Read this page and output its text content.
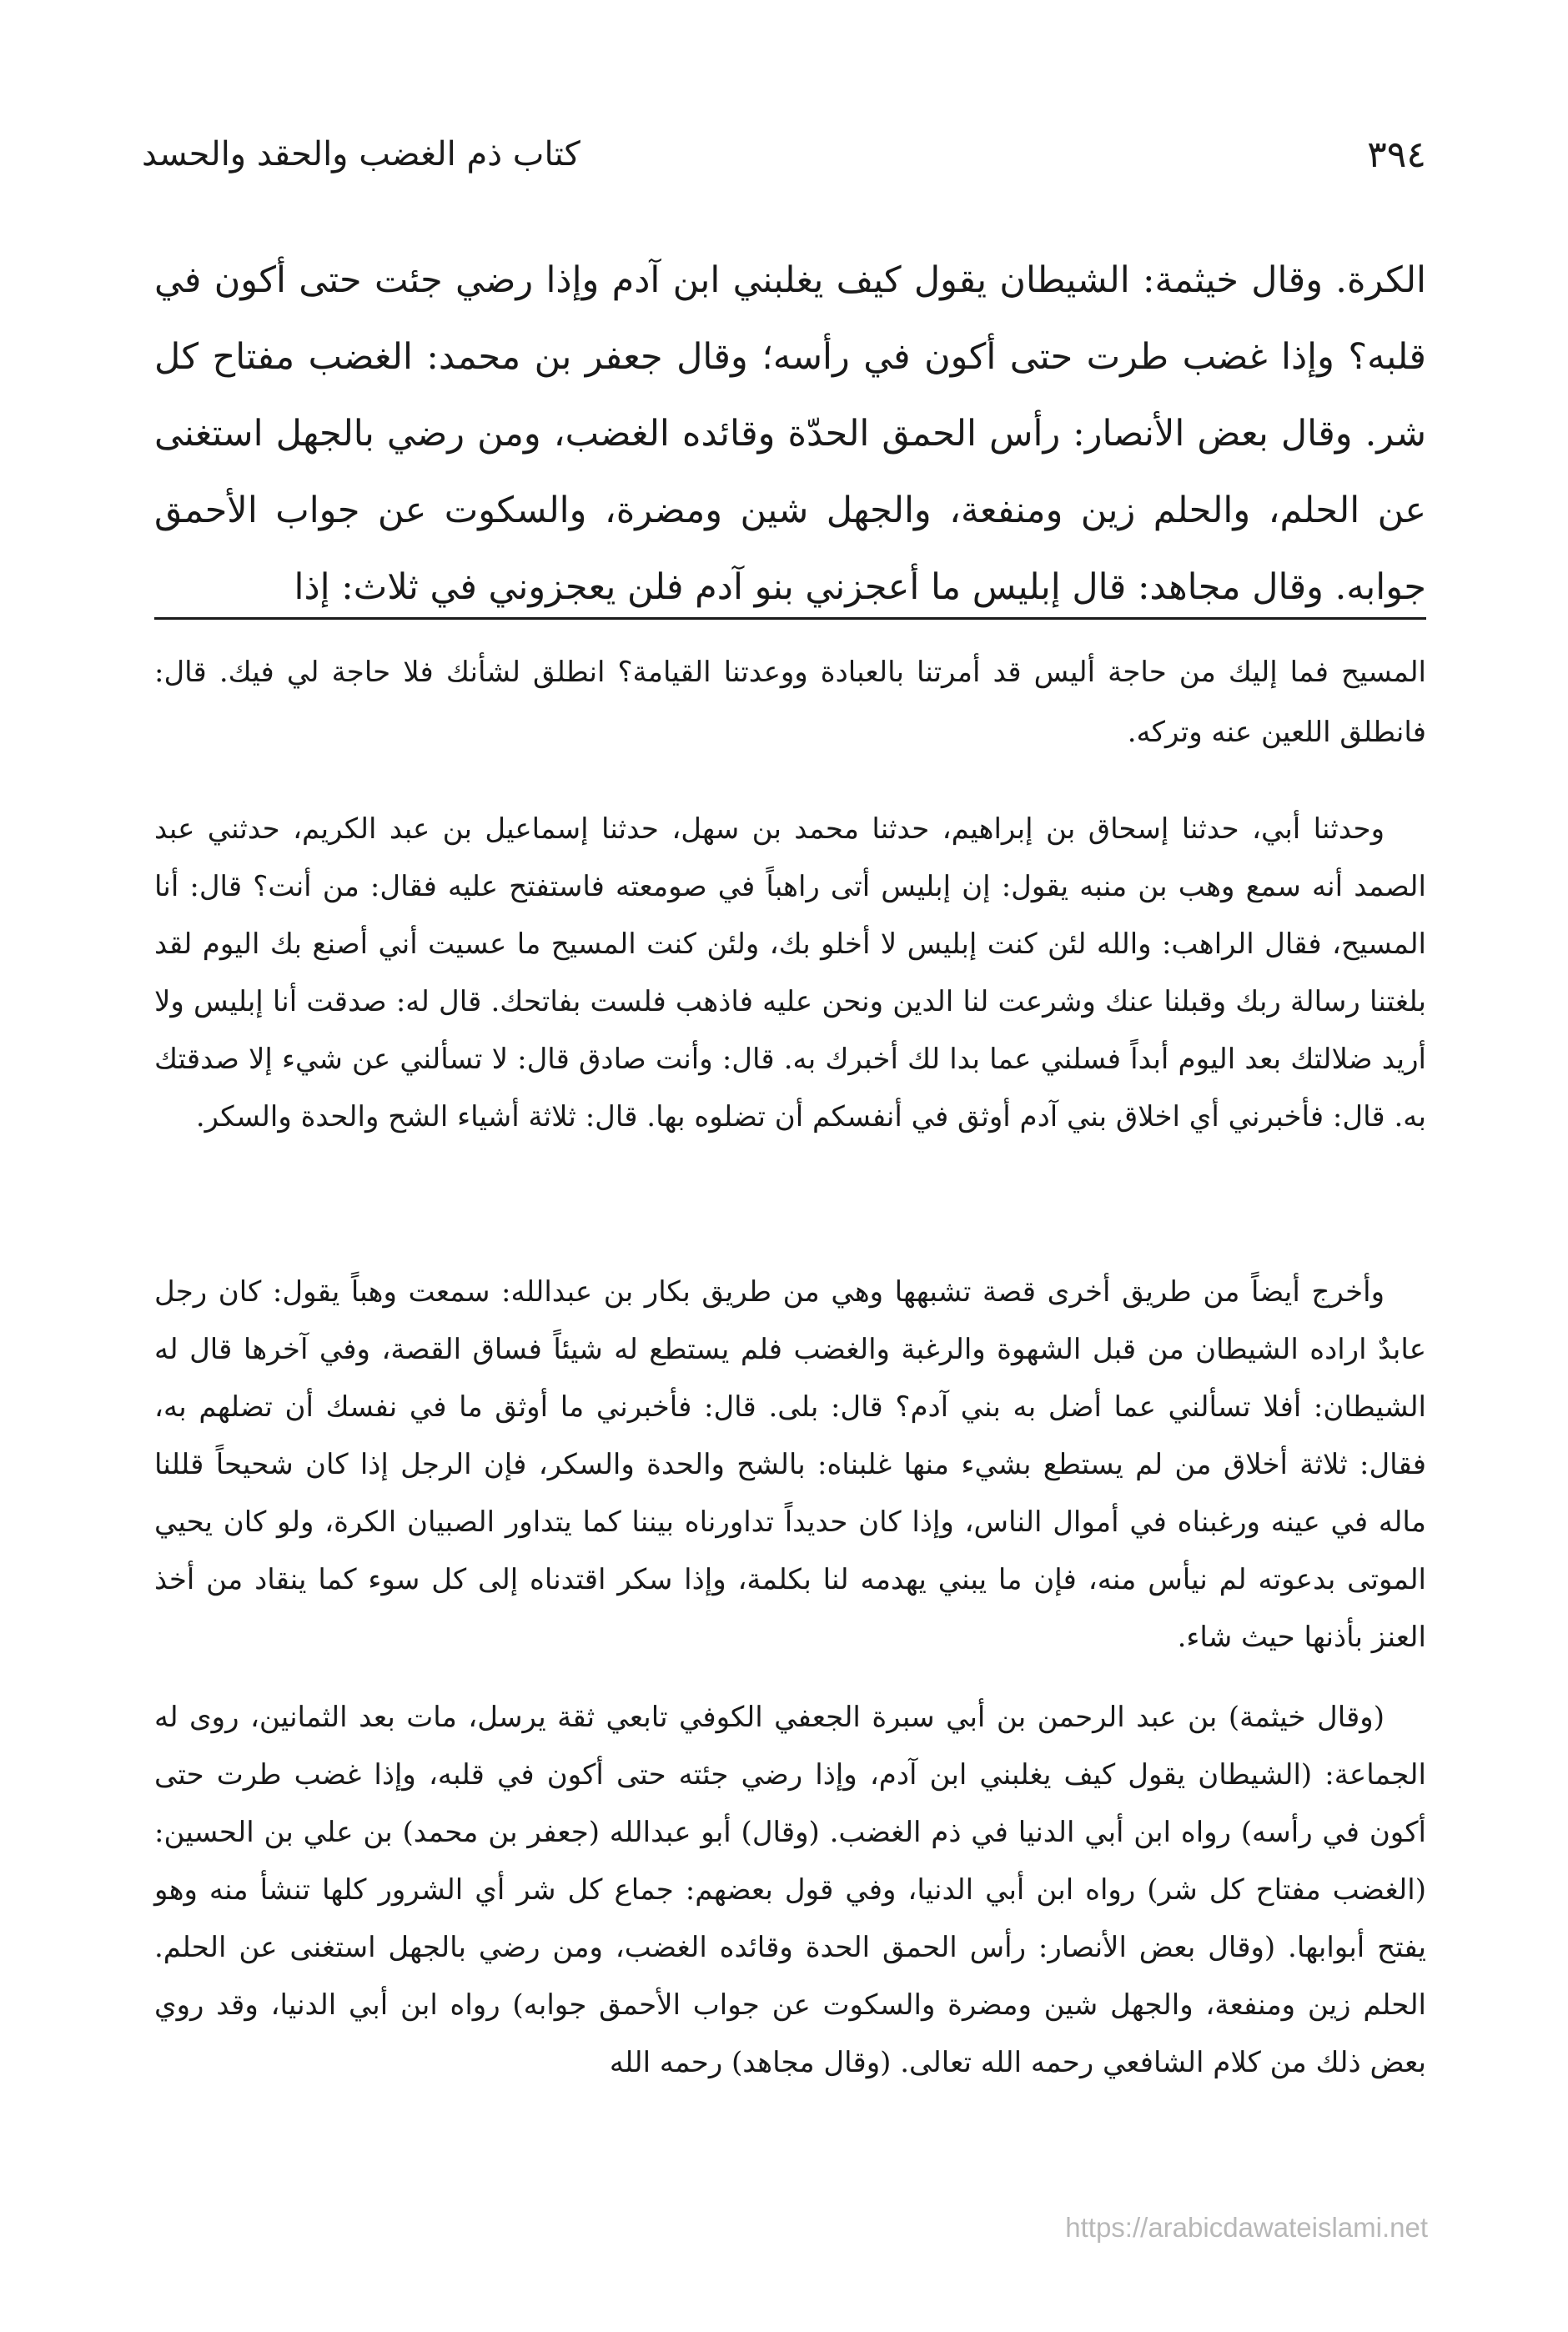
٣٩٤
كتاب ذم الغضب والحقد والحسد
الكرة. وقال خيثمة: الشيطان يقول كيف يغلبني ابن آدم وإذا رضي جئت حتى أكون في قلبه؟ وإذا غضب طرت حتى أكون في رأسه؛ وقال جعفر بن محمد: الغضب مفتاح كل شر. وقال بعض الأنصار: رأس الحمق الحدّة وقائده الغضب، ومن رضي بالجهل استغنى عن الحلم، والحلم زين ومنفعة، والجهل شين ومضرة، والسكوت عن جواب الأحمق جوابه. وقال مجاهد: قال إبليس ما أعجزني بنو آدم فلن يعجزوني في ثلاث: إذا
المسيح فما إليك من حاجة أليس قد أمرتنا بالعبادة ووعدتنا القيامة؟ انطلق لشأنك فلا حاجة لي فيك. قال: فانطلق اللعين عنه وتركه.
وحدثنا أبي، حدثنا إسحاق بن إبراهيم، حدثنا محمد بن سهل، حدثنا إسماعيل بن عبد الكريم، حدثني عبد الصمد أنه سمع وهب بن منبه يقول: إن إبليس أتى راهباً في صومعته فاستفتح عليه فقال: من أنت؟ قال: أنا المسيح، فقال الراهب: والله لئن كنت إبليس لا أخلو بك، ولئن كنت المسيح ما عسيت أني أصنع بك اليوم لقد بلغتنا رسالة ربك وقبلنا عنك وشرعت لنا الدين ونحن عليه فاذهب فلست بفاتحك. قال له: صدقت أنا إبليس ولا أريد ضلالتك بعد اليوم أبداً فسلني عما بدا لك أخبرك به. قال: وأنت صادق قال: لا تسألني عن شيء إلا صدقتك به. قال: فأخبرني أي اخلاق بني آدم أوثق في أنفسكم أن تضلوه بها. قال: ثلاثة أشياء الشح والحدة والسكر.
وأخرج أيضاً من طريق أخرى قصة تشبهها وهي من طريق بكار بن عبدالله: سمعت وهباً يقول: كان رجل عابدٌ اراده الشيطان من قبل الشهوة والرغبة والغضب فلم يستطع له شيئاً فساق القصة، وفي آخرها قال له الشيطان: أفلا تسألني عما أضل به بني آدم؟ قال: بلى. قال: فأخبرني ما أوثق ما في نفسك أن تضلهم به، فقال: ثلاثة أخلاق من لم يستطع بشيء منها غلبناه: بالشح والحدة والسكر، فإن الرجل إذا كان شحيحاً قللنا ماله في عينه ورغبناه في أموال الناس، وإذا كان حديداً تداورناه بيننا كما يتداور الصبيان الكرة، ولو كان يحيي الموتى بدعوته لم نيأس منه، فإن ما يبني يهدمه لنا بكلمة، وإذا سكر اقتدناه إلى كل سوء كما ينقاد من أخذ العنز بأذنها حيث شاء.
(وقال خيثمة) بن عبد الرحمن بن أبي سبرة الجعفي الكوفي تابعي ثقة يرسل، مات بعد الثمانين، روى له الجماعة: (الشيطان يقول كيف يغلبني ابن آدم، وإذا رضي جئته حتى أكون في قلبه، وإذا غضب طرت حتى أكون في رأسه) رواه ابن أبي الدنيا في ذم الغضب. (وقال) أبو عبدالله (جعفر بن محمد) بن علي بن الحسين: (الغضب مفتاح كل شر) رواه ابن أبي الدنيا، وفي قول بعضهم: جماع كل شر أي الشرور كلها تنشأ منه وهو يفتح أبوابها. (وقال بعض الأنصار: رأس الحمق الحدة وقائده الغضب، ومن رضي بالجهل استغنى عن الحلم. الحلم زين ومنفعة، والجهل شين ومضرة والسكوت عن جواب الأحمق جوابه) رواه ابن أبي الدنيا، وقد روي بعض ذلك من كلام الشافعي رحمه الله تعالى. (وقال مجاهد) رحمه الله
https://arabicdawateislami.net
